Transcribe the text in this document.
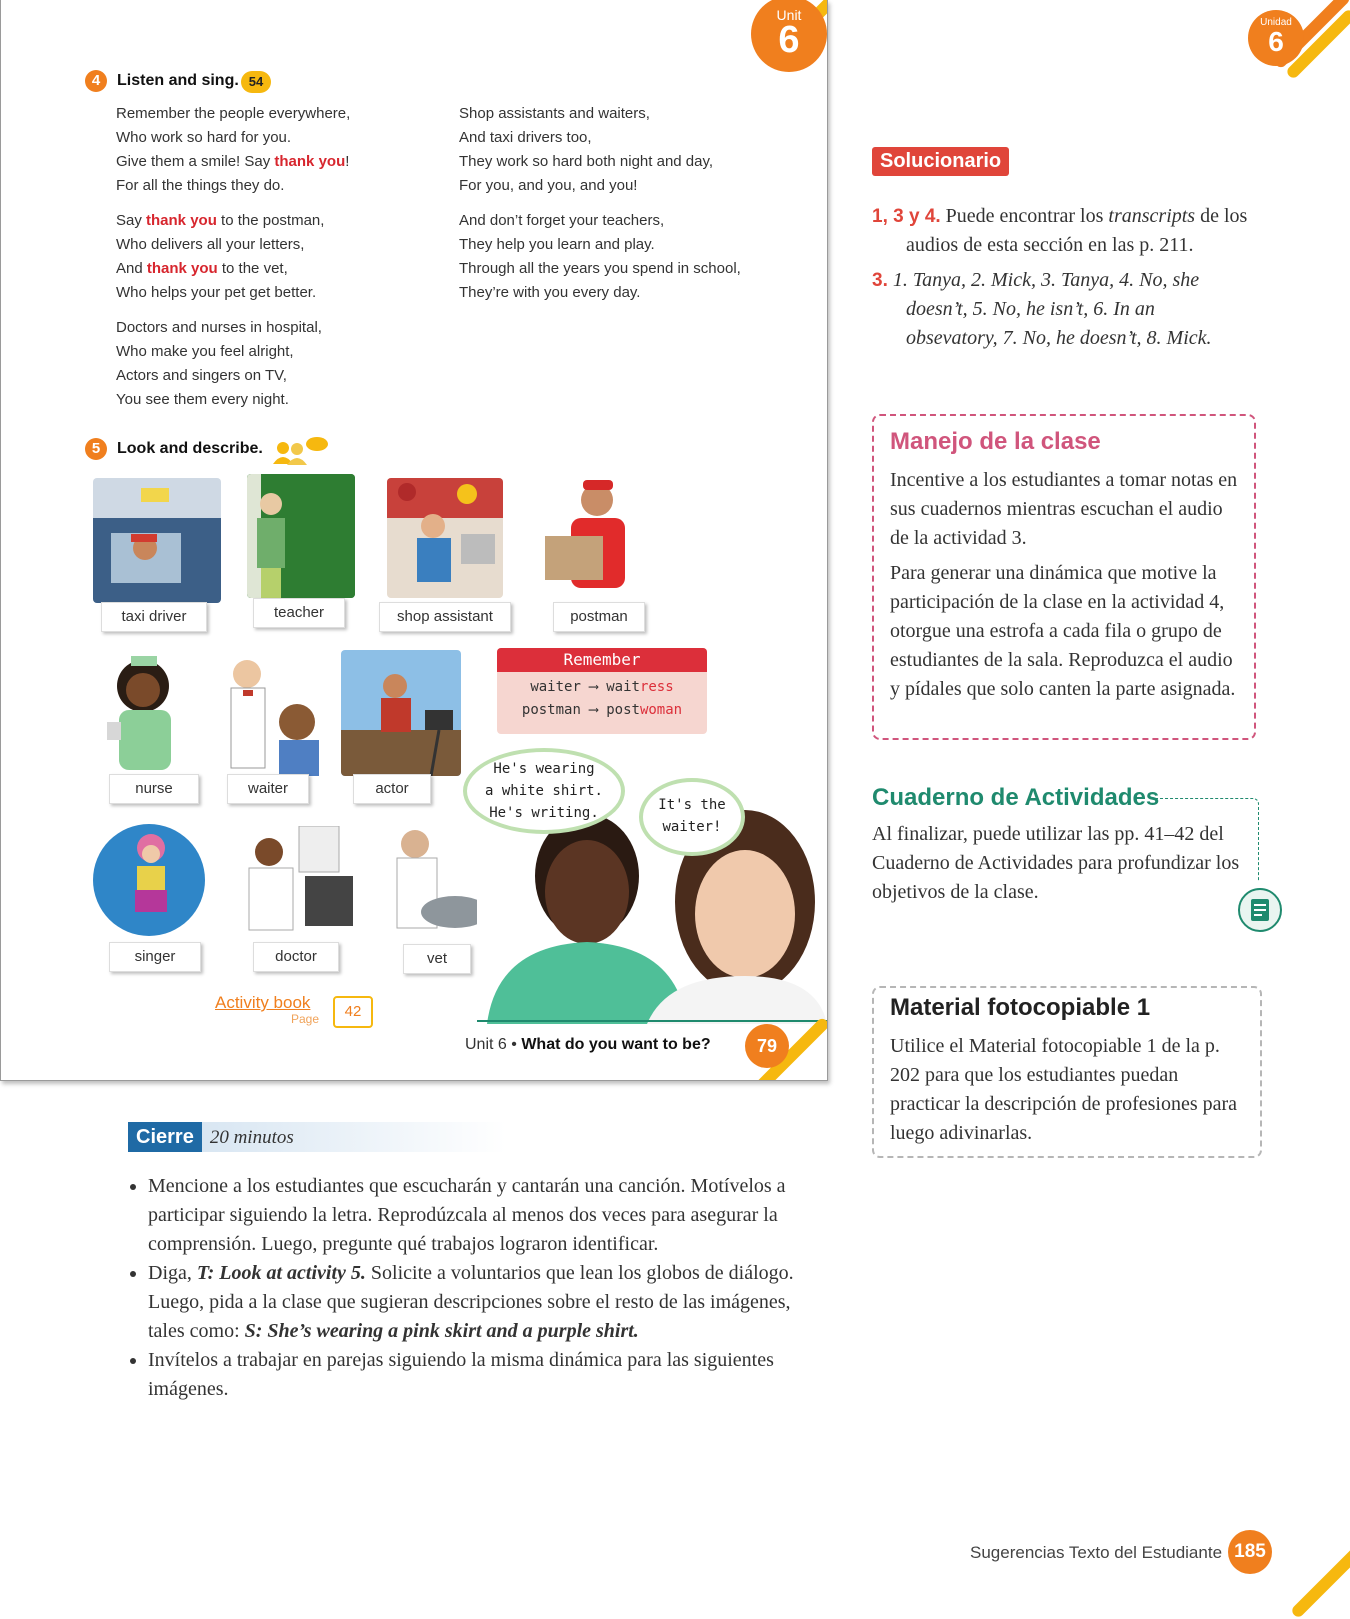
Unit
6
4 Listen and sing. 54

Remember the people everywhere,
Who work so hard for you.
Give them a smile! Say thank you!
For all the things they do.

Say thank you to the postman,
Who delivers all your letters,
And thank you to the vet,
Who helps your pet get better.

Doctors and nurses in hospital,
Who make you feel alright,
Actors and singers on TV,
You see them every night.

Shop assistants and waiters,
And taxi drivers too,
They work so hard both night and day,
For you, and you, and you!

And don’t forget your teachers,
They help you learn and play.
Through all the years you spend in school,
They’re with you every day.

5 Look and describe.
taxi driver	teacher	shop assistant	postman
nurse	waiter	actor
Remember
waiter ⟶ waitress
postman ⟶ postwoman
singer	doctor	vet
He's wearing
a white shirt.
He's writing.	It's the
waiter!
Activity book
Page	42
Unit 6 • What do you want to be?	79
Cierre 20 minutos
• Mencione a los estudiantes que escucharán y cantarán una canción. Motívelos a participar siguiendo la letra. Reprodúzcala al menos dos veces para asegurar la comprensión. Luego, pregunte qué trabajos lograron identificar.
• Diga, T: Look at activity 5. Solicite a voluntarios que lean los globos de diálogo. Luego, pida a la clase que sugieran descripciones sobre el resto de las imágenes, tales como: S: She’s wearing a pink skirt and a purple shirt.
• Invítelos a trabajar en parejas siguiendo la misma dinámica para las siguientes imágenes.
Unidad
6
Solucionario
1, 3 y 4. Puede encontrar los transcripts de los audios de esta sección en las p. 211.
3. 1. Tanya, 2. Mick, 3. Tanya, 4. No, she doesn’t, 5. No, he isn’t, 6. In an obsevatory, 7. No, he doesn’t, 8. Mick.
Manejo de la clase
Incentive a los estudiantes a tomar notas en sus cuadernos mientras escuchan el audio de la actividad 3.
Para generar una dinámica que motive la participación de la clase en la actividad 4, otorgue una estrofa a cada fila o grupo de estudiantes de la sala. Reproduzca el audio y pídales que solo canten la parte asignada.
Cuaderno de Actividades
Al finalizar, puede utilizar las pp. 41–42 del Cuaderno de Actividades para profundizar los objetivos de la clase.
Material fotocopiable 1
Utilice el Material fotocopiable 1 de la p. 202 para que los estudiantes puedan practicar la descripción de profesiones para luego adivinarlas.
Sugerencias Texto del Estudiante 185
